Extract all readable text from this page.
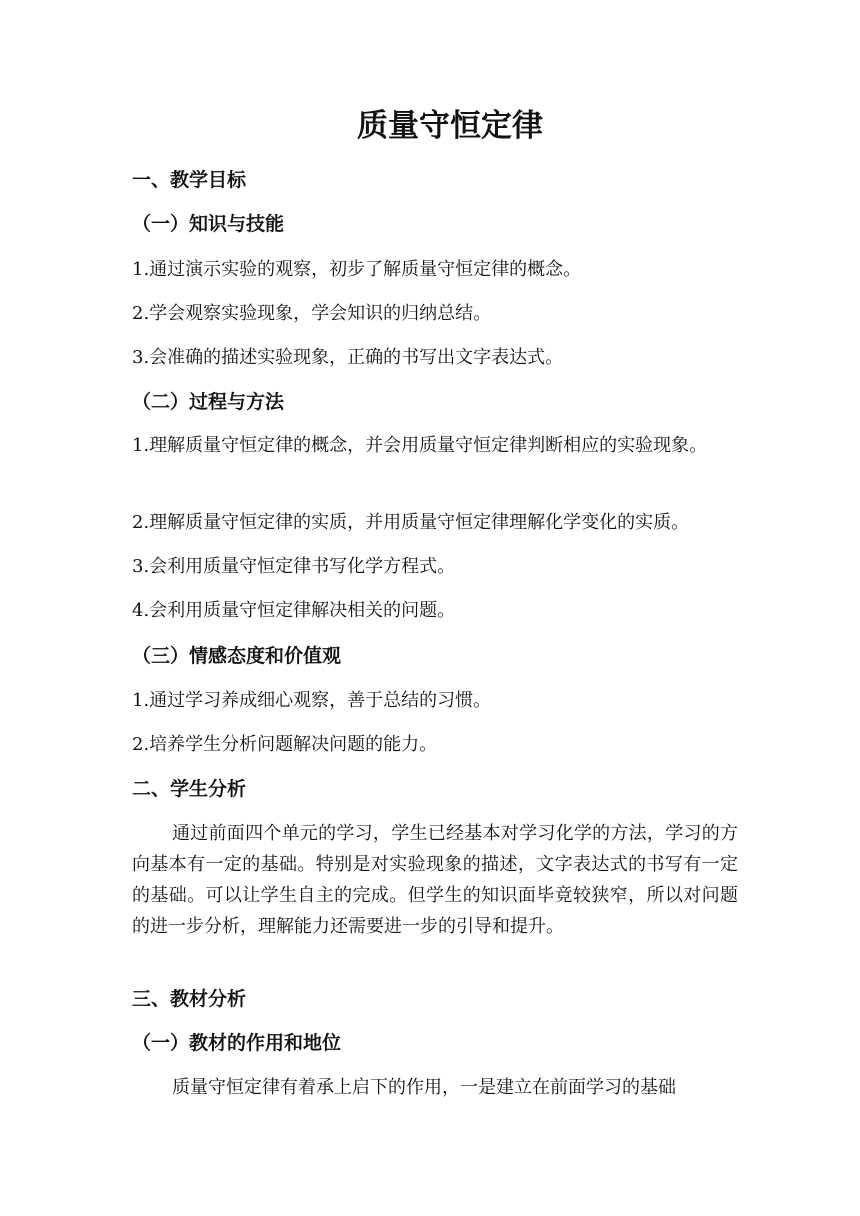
质量守恒定律
一、教学目标
（一）知识与技能
1.通过演示实验的观察，初步了解质量守恒定律的概念。
2.学会观察实验现象，学会知识的归纳总结。
3.会准确的描述实验现象，正确的书写出文字表达式。
（二）过程与方法
1.理解质量守恒定律的概念，并会用质量守恒定律判断相应的实验现象。
2.理解质量守恒定律的实质，并用质量守恒定律理解化学变化的实质。
3.会利用质量守恒定律书写化学方程式。
4.会利用质量守恒定律解决相关的问题。
（三）情感态度和价值观
1.通过学习养成细心观察，善于总结的习惯。
2.培养学生分析问题解决问题的能力。
二、学生分析
通过前面四个单元的学习，学生已经基本对学习化学的方法，学习的方向基本有一定的基础。特别是对实验现象的描述，文字表达式的书写有一定的基础。可以让学生自主的完成。但学生的知识面毕竟较狭窄，所以对问题的进一步分析，理解能力还需要进一步的引导和提升。
三、教材分析
（一）教材的作用和地位
质量守恒定律有着承上启下的作用，一是建立在前面学习的基础
